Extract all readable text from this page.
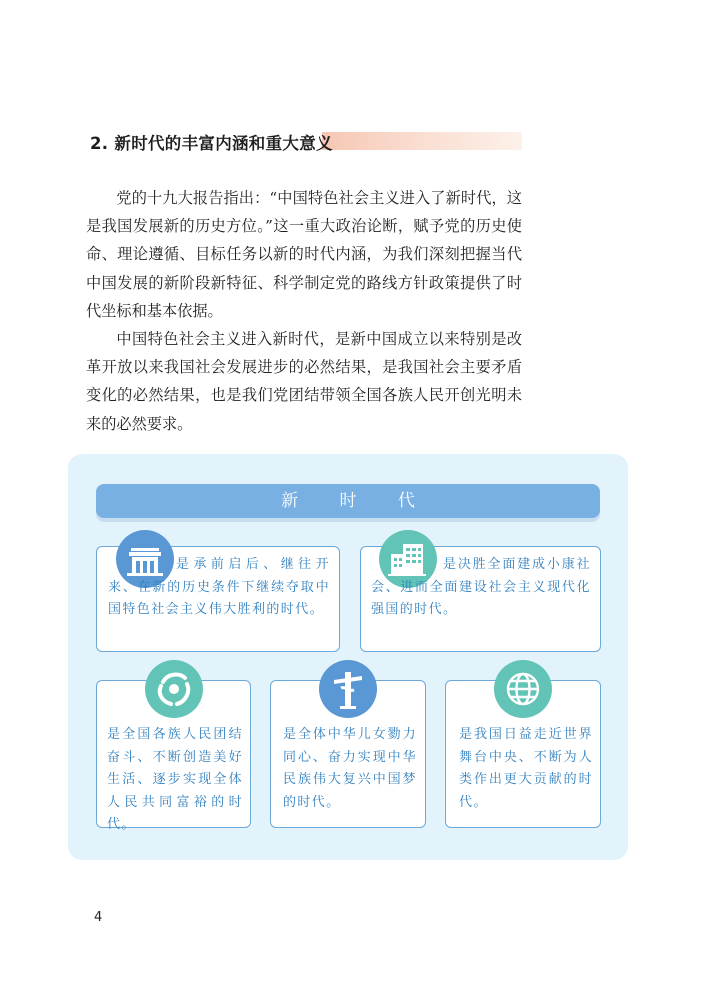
2. 新时代的丰富内涵和重大意义

党的十九大报告指出：“中国特色社会主义进入了新时代，这是我国发展新的历史方位。”这一重大政治论断，赋予党的历史使命、理论遵循、目标任务以新的时代内涵，为我们深刻把握当代中国发展的新阶段新特征、科学制定党的路线方针政策提供了时代坐标和基本依据。

中国特色社会主义进入新时代，是新中国成立以来特别是改革开放以来我国社会发展进步的必然结果，是我国社会主要矛盾变化的必然结果，也是我们党团结带领全国各族人民开创光明未来的必然要求。

新 时 代
是承前启后、继往开来、在新的历史条件下继续夺取中国特色社会主义伟大胜利的时代。
是决胜全面建成小康社会、进而全面建设社会主义现代化强国的时代。
是全国各族人民团结奋斗、不断创造美好生活、逐步实现全体人民共同富裕的时代。
是全体中华儿女勠力同心、奋力实现中华民族伟大复兴中国梦的时代。
是我国日益走近世界舞台中央、不断为人类作出更大贡献的时代。
4
